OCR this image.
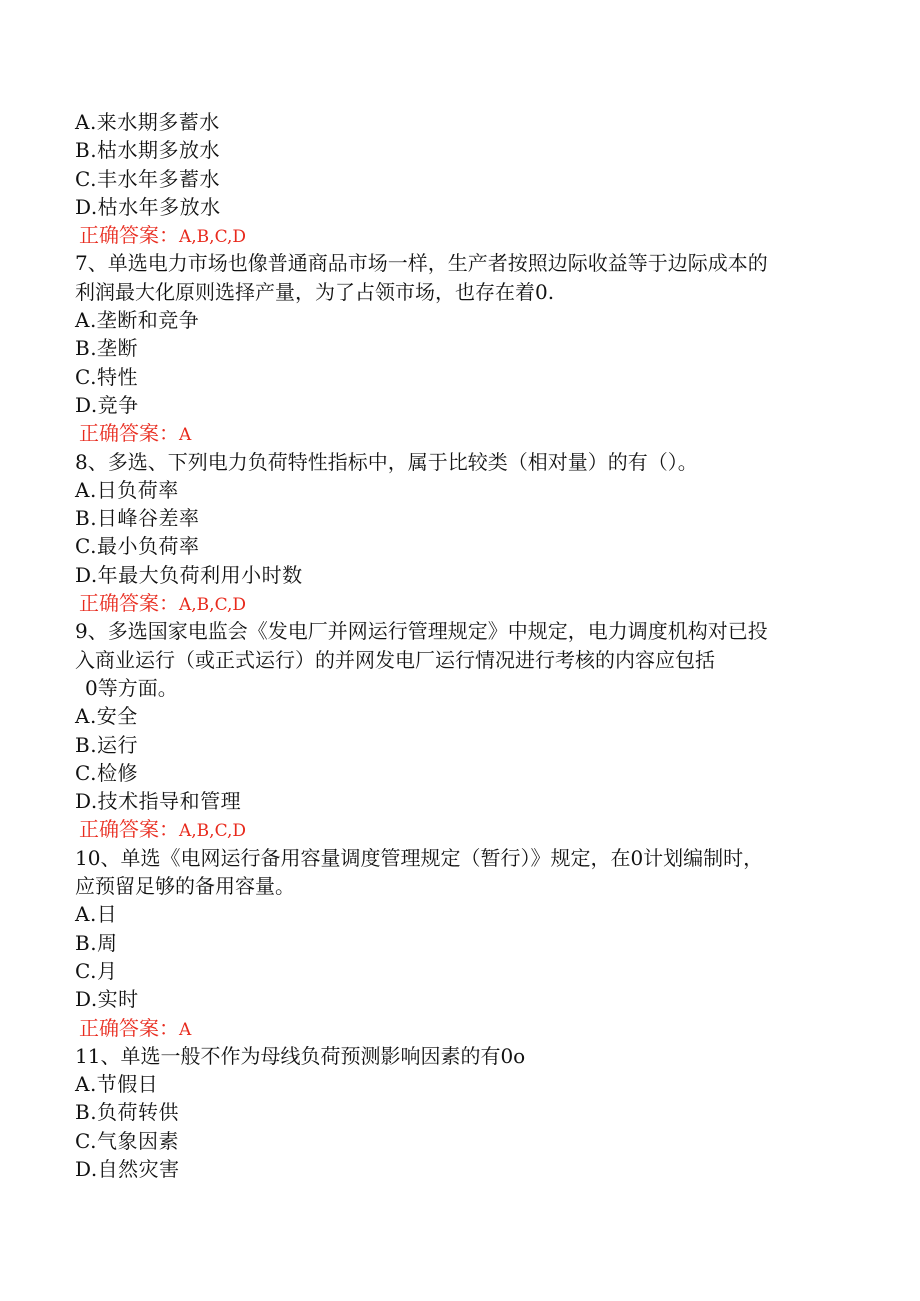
A.来水期多蓄水
B.枯水期多放水
C.丰水年多蓄水
D.枯水年多放水
正确答案：A,B,C,D
7、单选电力市场也像普通商品市场一样，生产者按照边际收益等于边际成本的
利润最大化原则选择产量，为了占领市场，也存在着0.
A.垄断和竞争
B.垄断
C.特性
D.竞争
正确答案：A
8、多选、下列电力负荷特性指标中，属于比较类（相对量）的有（）。
A.日负荷率
B.日峰谷差率
C.最小负荷率
D.年最大负荷利用小时数
正确答案：A,B,C,D
9、多选国家电监会《发电厂并网运行管理规定》中规定，电力调度机构对已投
入商业运行（或正式运行）的并网发电厂运行情况进行考核的内容应包括
0等方面。
A.安全
B.运行
C.检修
D.技术指导和管理
正确答案：A,B,C,D
10、单选《电网运行备用容量调度管理规定（暂行）》规定，在0计划编制时，
应预留足够的备用容量。
A.日
B.周
C.月
D.实时
正确答案：A
11、单选一般不作为母线负荷预测影响因素的有0o
A.节假日
B.负荷转供
C.气象因素
D.自然灾害
